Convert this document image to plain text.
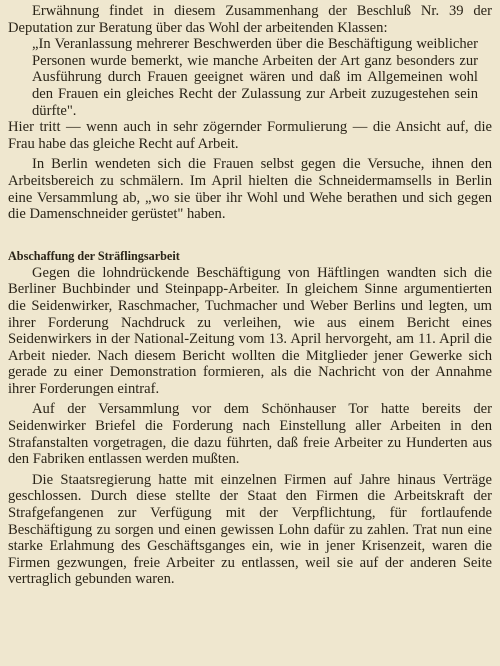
Erwähnung findet in diesem Zusammenhang der Beschluß Nr. 39 der Deputation zur Beratung über das Wohl der arbeitenden Klassen:

„In Veranlassung mehrerer Beschwerden über die Beschäftigung weiblicher Personen wurde bemerkt, wie manche Arbeiten der Art ganz besonders zur Ausführung durch Frauen geeignet wären und daß im Allgemeinen wohl den Frauen ein gleiches Recht der Zulassung zur Arbeit zuzugestehen sein dürfte".

Hier tritt — wenn auch in sehr zögernder Formulierung — die Ansicht auf, die Frau habe das gleiche Recht auf Arbeit.

In Berlin wendeten sich die Frauen selbst gegen die Versuche, ihnen den Arbeitsbereich zu schmälern. Im April hielten die Schneidermamsells in Berlin eine Versammlung ab, „wo sie über ihr Wohl und Wehe berathen und sich gegen die Damenschneider gerüstet" haben.

Abschaffung der Sträflingsarbeit

Gegen die lohndrückende Beschäftigung von Häftlingen wandten sich die Berliner Buchbinder und Steinpapp-Arbeiter. In gleichem Sinne argumentierten die Seidenwirker, Raschmacher, Tuchmacher und Weber Berlins und legten, um ihrer Forderung Nachdruck zu verleihen, wie aus einem Bericht eines Seidenwirkers in der National-Zeitung vom 13. April hervorgeht, am 11. April die Arbeit nieder. Nach diesem Bericht wollten die Mitglieder jener Gewerke sich gerade zu einer Demonstration formieren, als die Nachricht von der Annahme ihrer Forderungen eintraf.

Auf der Versammlung vor dem Schönhauser Tor hatte bereits der Seidenwirker Briefel die Forderung nach Einstellung aller Arbeiten in den Strafanstalten vorgetragen, die dazu führten, daß freie Arbeiter zu Hunderten aus den Fabriken entlassen werden mußten.

Die Staatsregierung hatte mit einzelnen Firmen auf Jahre hinaus Verträge geschlossen. Durch diese stellte der Staat den Firmen die Arbeitskraft der Strafgefangenen zur Verfügung mit der Verpflichtung, für fortlaufende Beschäftigung zu sorgen und einen gewissen Lohn dafür zu zahlen. Trat nun eine starke Erlahmung des Geschäftsganges ein, wie in jener Krisenzeit, waren die Firmen gezwungen, freie Arbeiter zu entlassen, weil sie auf der anderen Seite vertraglich gebunden waren.
